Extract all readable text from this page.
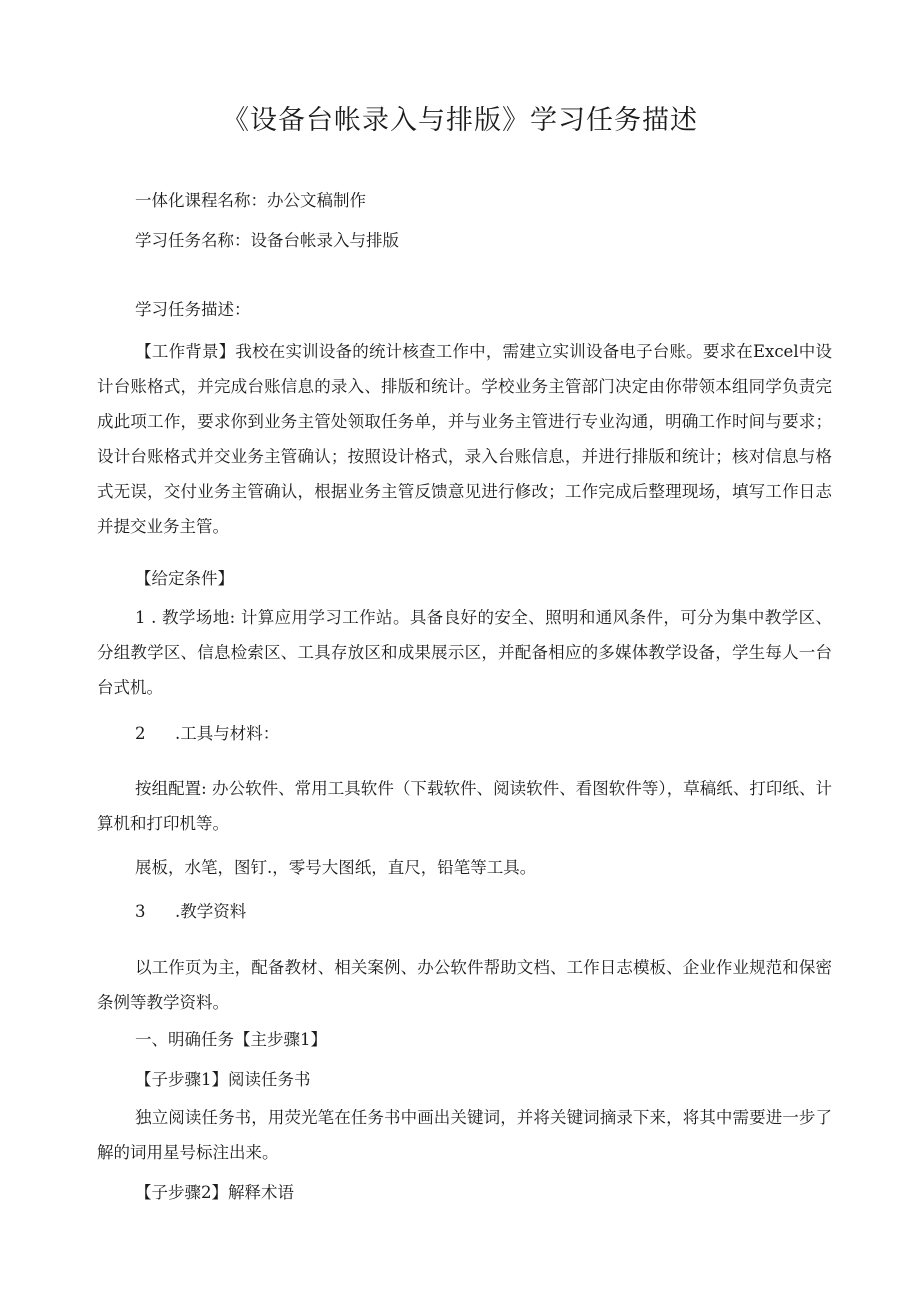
《设备台帐录入与排版》学习任务描述
一体化课程名称：办公文稿制作
学习任务名称：设备台帐录入与排版
学习任务描述：
【工作背景】我校在实训设备的统计核查工作中，需建立实训设备电子台账。要求在Excel中设计台账格式，并完成台账信息的录入、排版和统计。学校业务主管部门决定由你带领本组同学负责完成此项工作，要求你到业务主管处领取任务单，并与业务主管进行专业沟通，明确工作时间与要求；设计台账格式并交业务主管确认；按照设计格式，录入台账信息，并进行排版和统计；核对信息与格式无误，交付业务主管确认，根据业务主管反馈意见进行修改；工作完成后整理现场，填写工作日志并提交业务主管。
【给定条件】
1 . 教学场地: 计算应用学习工作站。具备良好的安全、照明和通风条件，可分为集中教学区、分组教学区、信息检索区、工具存放区和成果展示区，并配备相应的多媒体教学设备，学生每人一台台式机。
2 .工具与材料：
按组配置: 办公软件、常用工具软件（下载软件、阅读软件、看图软件等），草稿纸、打印纸、计算机和打印机等。
展板，水笔，图钉.，零号大图纸，直尺，铅笔等工具。
3 .教学资料
以工作页为主，配备教材、相关案例、办公软件帮助文档、工作日志模板、企业作业规范和保密条例等教学资料。
一、明确任务【主步骤1】
【子步骤1】阅读任务书
独立阅读任务书，用荧光笔在任务书中画出关键词，并将关键词摘录下来，将其中需要进一步了解的词用星号标注出来。
【子步骤2】解释术语
